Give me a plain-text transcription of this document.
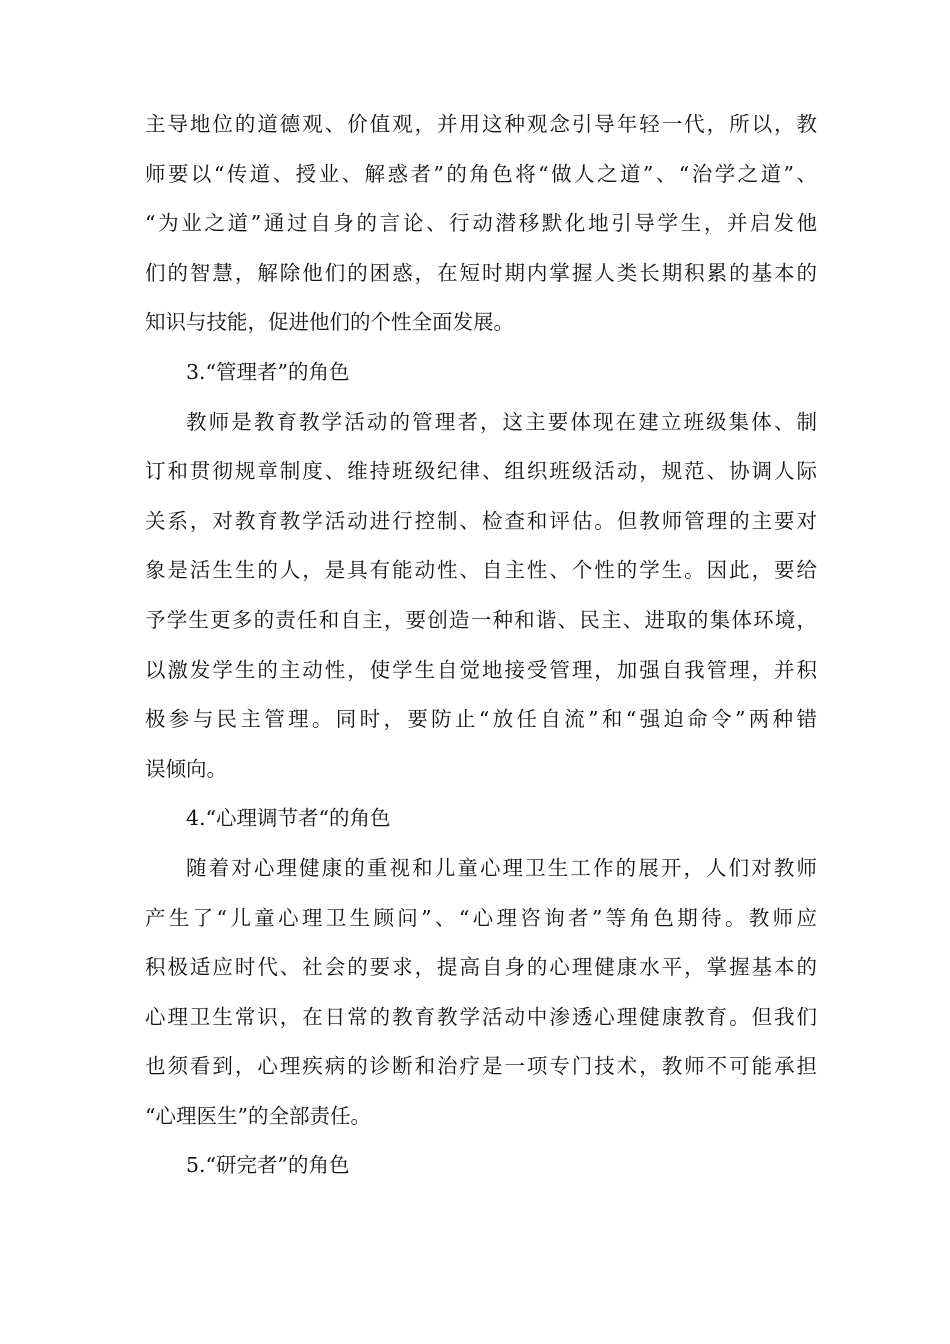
主导地位的道德观、价值观，并用这种观念引导年轻一代，所以，教
师要以“传道、授业、解惑者”的角色将“做人之道”、“治学之道”、
“为业之道”通过自身的言论、行动潜移默化地引导学生，并启发他
们的智慧，解除他们的困惑，在短时期内掌握人类长期积累的基本的
知识与技能，促进他们的个性全面发展。
3.“管理者”的角色
教师是教育教学活动的管理者，这主要体现在建立班级集体、制
订和贯彻规章制度、维持班级纪律、组织班级活动，规范、协调人际
关系，对教育教学活动进行控制、检查和评估。但教师管理的主要对
象是活生生的人，是具有能动性、自主性、个性的学生。因此，要给
予学生更多的责任和自主，要创造一种和谐、民主、进取的集体环境，
以激发学生的主动性，使学生自觉地接受管理，加强自我管理，并积
极参与民主管理。同时，要防止“放任自流”和“强迫命令”两种错
误倾向。
4.“心理调节者“的角色
随着对心理健康的重视和儿童心理卫生工作的展开，人们对教师
产生了“儿童心理卫生顾问”、“心理咨询者”等角色期待。教师应
积极适应时代、社会的要求，提高自身的心理健康水平，掌握基本的
心理卫生常识，在日常的教育教学活动中渗透心理健康教育。但我们
也须看到，心理疾病的诊断和治疗是一项专门技术，教师不可能承担
“心理医生”的全部责任。
5.“研完者”的角色
